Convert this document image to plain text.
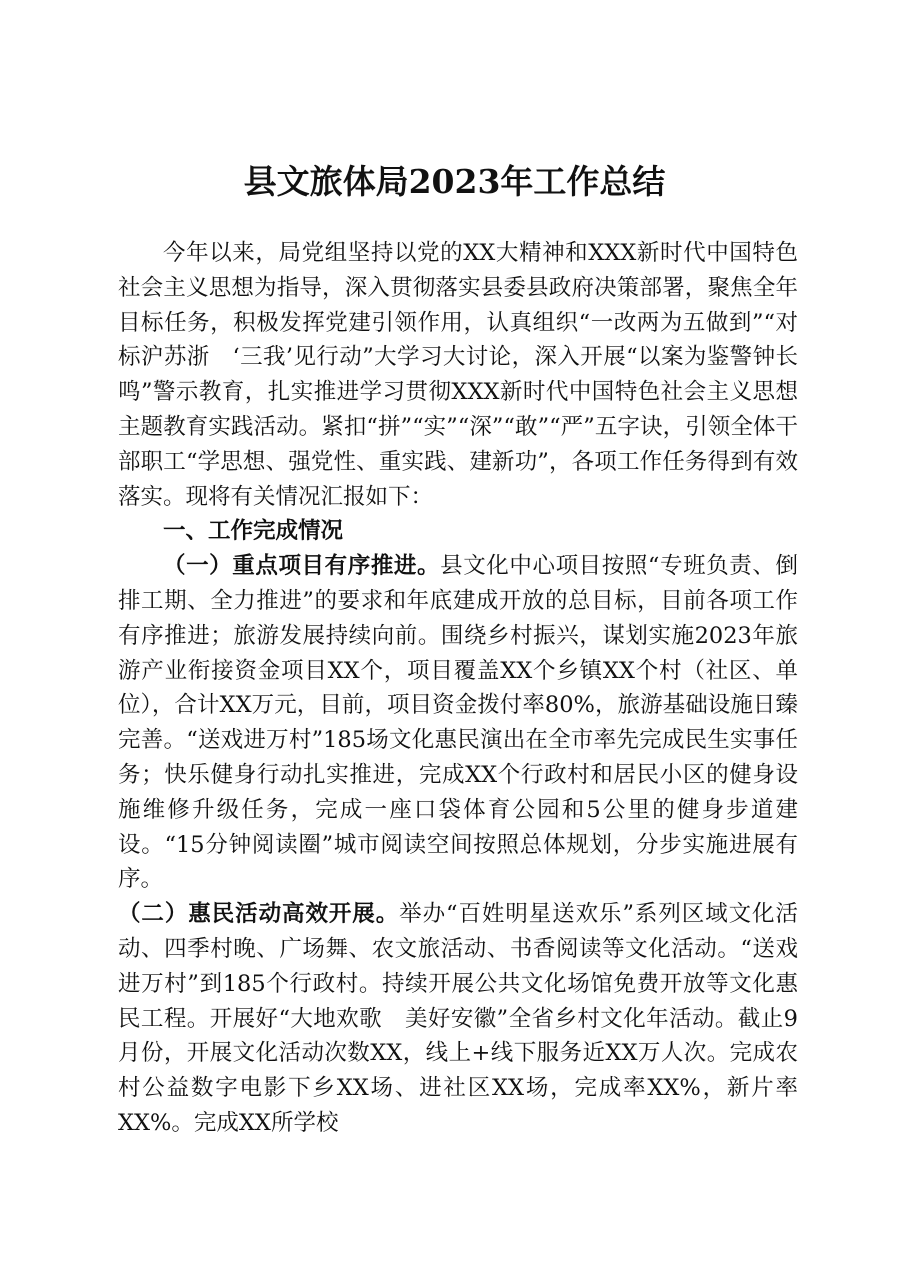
县文旅体局2023年工作总结

今年以来，局党组坚持以党的XX大精神和XXX新时代中国特色社会主义思想为指导，深入贯彻落实县委县政府决策部署，聚焦全年目标任务，积极发挥党建引领作用，认真组织“一改两为五做到”“对标沪苏浙　‘三我’见行动”大学习大讨论，深入开展“以案为鉴警钟长鸣”警示教育，扎实推进学习贯彻XXX新时代中国特色社会主义思想主题教育实践活动。紧扣“拼”“实”“深”“敢”“严”五字诀，引领全体干部职工“学思想、强党性、重实践、建新功”，各项工作任务得到有效落实。现将有关情况汇报如下：

一、工作完成情况

（一）重点项目有序推进。县文化中心项目按照“专班负责、倒排工期、全力推进”的要求和年底建成开放的总目标，目前各项工作有序推进；旅游发展持续向前。围绕乡村振兴，谋划实施2023年旅游产业衔接资金项目XX个，项目覆盖XX个乡镇XX个村（社区、单位），合计XX万元，目前，项目资金拨付率80%，旅游基础设施日臻完善。“送戏进万村”185场文化惠民演出在全市率先完成民生实事任务；快乐健身行动扎实推进，完成XX个行政村和居民小区的健身设施维修升级任务，完成一座口袋体育公园和5公里的健身步道建设。“15分钟阅读圈”城市阅读空间按照总体规划，分步实施进展有序。

（二）惠民活动高效开展。举办“百姓明星送欢乐”系列区域文化活动、四季村晚、广场舞、农文旅活动、书香阅读等文化活动。“送戏进万村”到185个行政村。持续开展公共文化场馆免费开放等文化惠民工程。开展好“大地欢歌　美好安徽”全省乡村文化年活动。截止9月份，开展文化活动次数XX，线上+线下服务近XX万人次。完成农村公益数字电影下乡XX场、进社区XX场，完成率XX%，新片率XX%。完成XX所学校
